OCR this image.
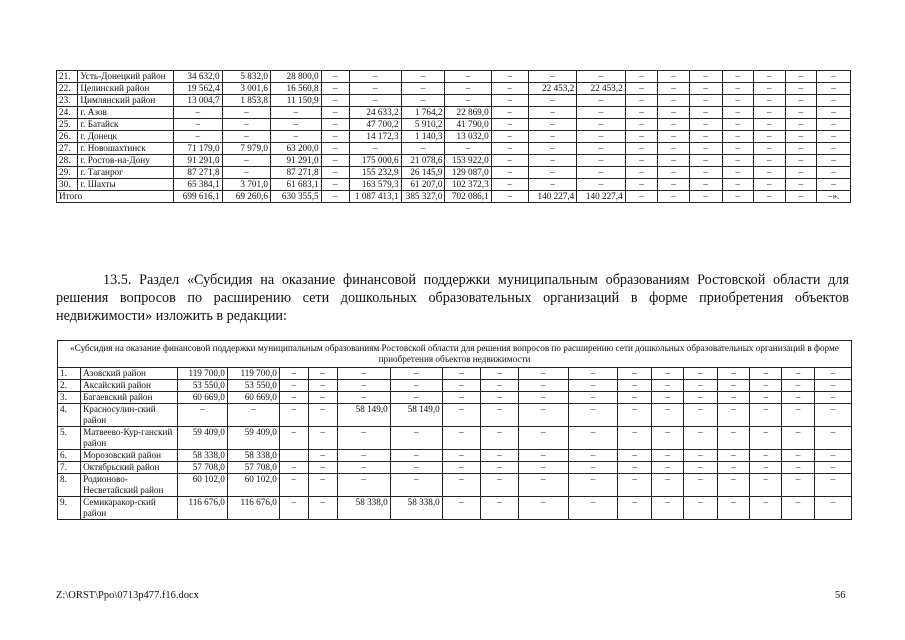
21.	Усть-Донецкий район	34 632,0	5 832,0	28 800,0	–	–	–	–	–	–	–	–	–	–	–	–	–	–
22.	Целинский район	19 562,4	3 001,6	16 560,8	–	–	–	–	–	22 453,2	22 453,2	–	–	–	–	–	–	–
23.	Цимлянский район	13 004,7	1 853,8	11 150,9	–	–	–	–	–	–	–	–	–	–	–	–	–	–
24.	г. Азов	–	–	–	–	24 633,2	1 764,2	22 869,0	–	–	–	–	–	–	–	–	–	–
25.	г. Батайск	–	–	–	–	47 700,2	5 910,2	41 790,0	–	–	–	–	–	–	–	–	–	–
26.	г. Донецк	–	–	–	–	14 172,3	1 140,3	13 032,0	–	–	–	–	–	–	–	–	–	–
27.	г. Новошахтинск	71 179,0	7 979,0	63 200,0	–	–	–	–	–	–	–	–	–	–	–	–	–	–
28.	г. Ростов-на-Дону	91 291,0	–	91 291,0	–	175 000,6	21 078,6	153 922,0	–	–	–	–	–	–	–	–	–	–
29.	г. Таганрог	87 271,8	–	87 271,8	–	155 232,9	26 145,9	129 087,0	–	–	–	–	–	–	–	–	–	–
30.	г. Шахты	65 384,1	3 701,0	61 683,1	–	163 579,3	61 207,0	102 372,3	–	–	–	–	–	–	–	–	–	–
Итого		699 616,1	69 260,6	630 355,5	–	1 087 413,1	385 327,0	702 086,1	–	140 227,4	140 227,4	–	–	–	–	–	–	–».
13.5. Раздел «Субсидия на оказание финансовой поддержки муниципальным образованиям Ростовской области для решения вопросов по расширению сети дошкольных образовательных организаций в форме приобретения объектов недвижимости» изложить в редакции:
«Субсидия на оказание финансовой поддержки муниципальным образованиям Ростовской области для решения вопросов по расширению сети дошкольных образовательных организаций в форме приобретения объектов недвижимости																		
1.	Азовский район	119 700,0	119 700,0	–	–	–	–	–	–	–	–	–	–	–	–	–	–	–
2.	Аксайский район	53 550,0	53 550,0	–	–	–	–	–	–	–	–	–	–	–	–	–	–	–
3.	Багаевский район	60 669,0	60 669,0	–	–	–	–	–	–	–	–	–	–	–	–	–	–	–
4.	Красносулин-ский район	–	–	–	–	58 149,0	58 149,0	–	–	–	–	–	–	–	–	–	–	–
5.	Матвеево-Кур-ганский район	59 409,0	59 409,0	–	–	–	–	–	–	–	–	–	–	–	–	–	–	–
6.	Морозовский район	58 338,0	58 338,0		–	–	–	–	–	–	–	–	–	–	–	–	–	–
7.	Октябрьский район	57 708,0	57 708,0	–	–	–	–	–	–	–	–	–	–	–	–	–	–	–
8.	Родионово-Несветайский район	60 102,0	60 102,0	–	–	–	–	–	–	–	–	–	–	–	–	–	–	–
9.	Семикаракор-ский район	116 676,0	116 676,0	–	–	58 338,0	58 338,0	–	–	–	–	–	–	–	–	–	–	–
Z:\ORST\Ppo\0713p477.f16.docx	56
